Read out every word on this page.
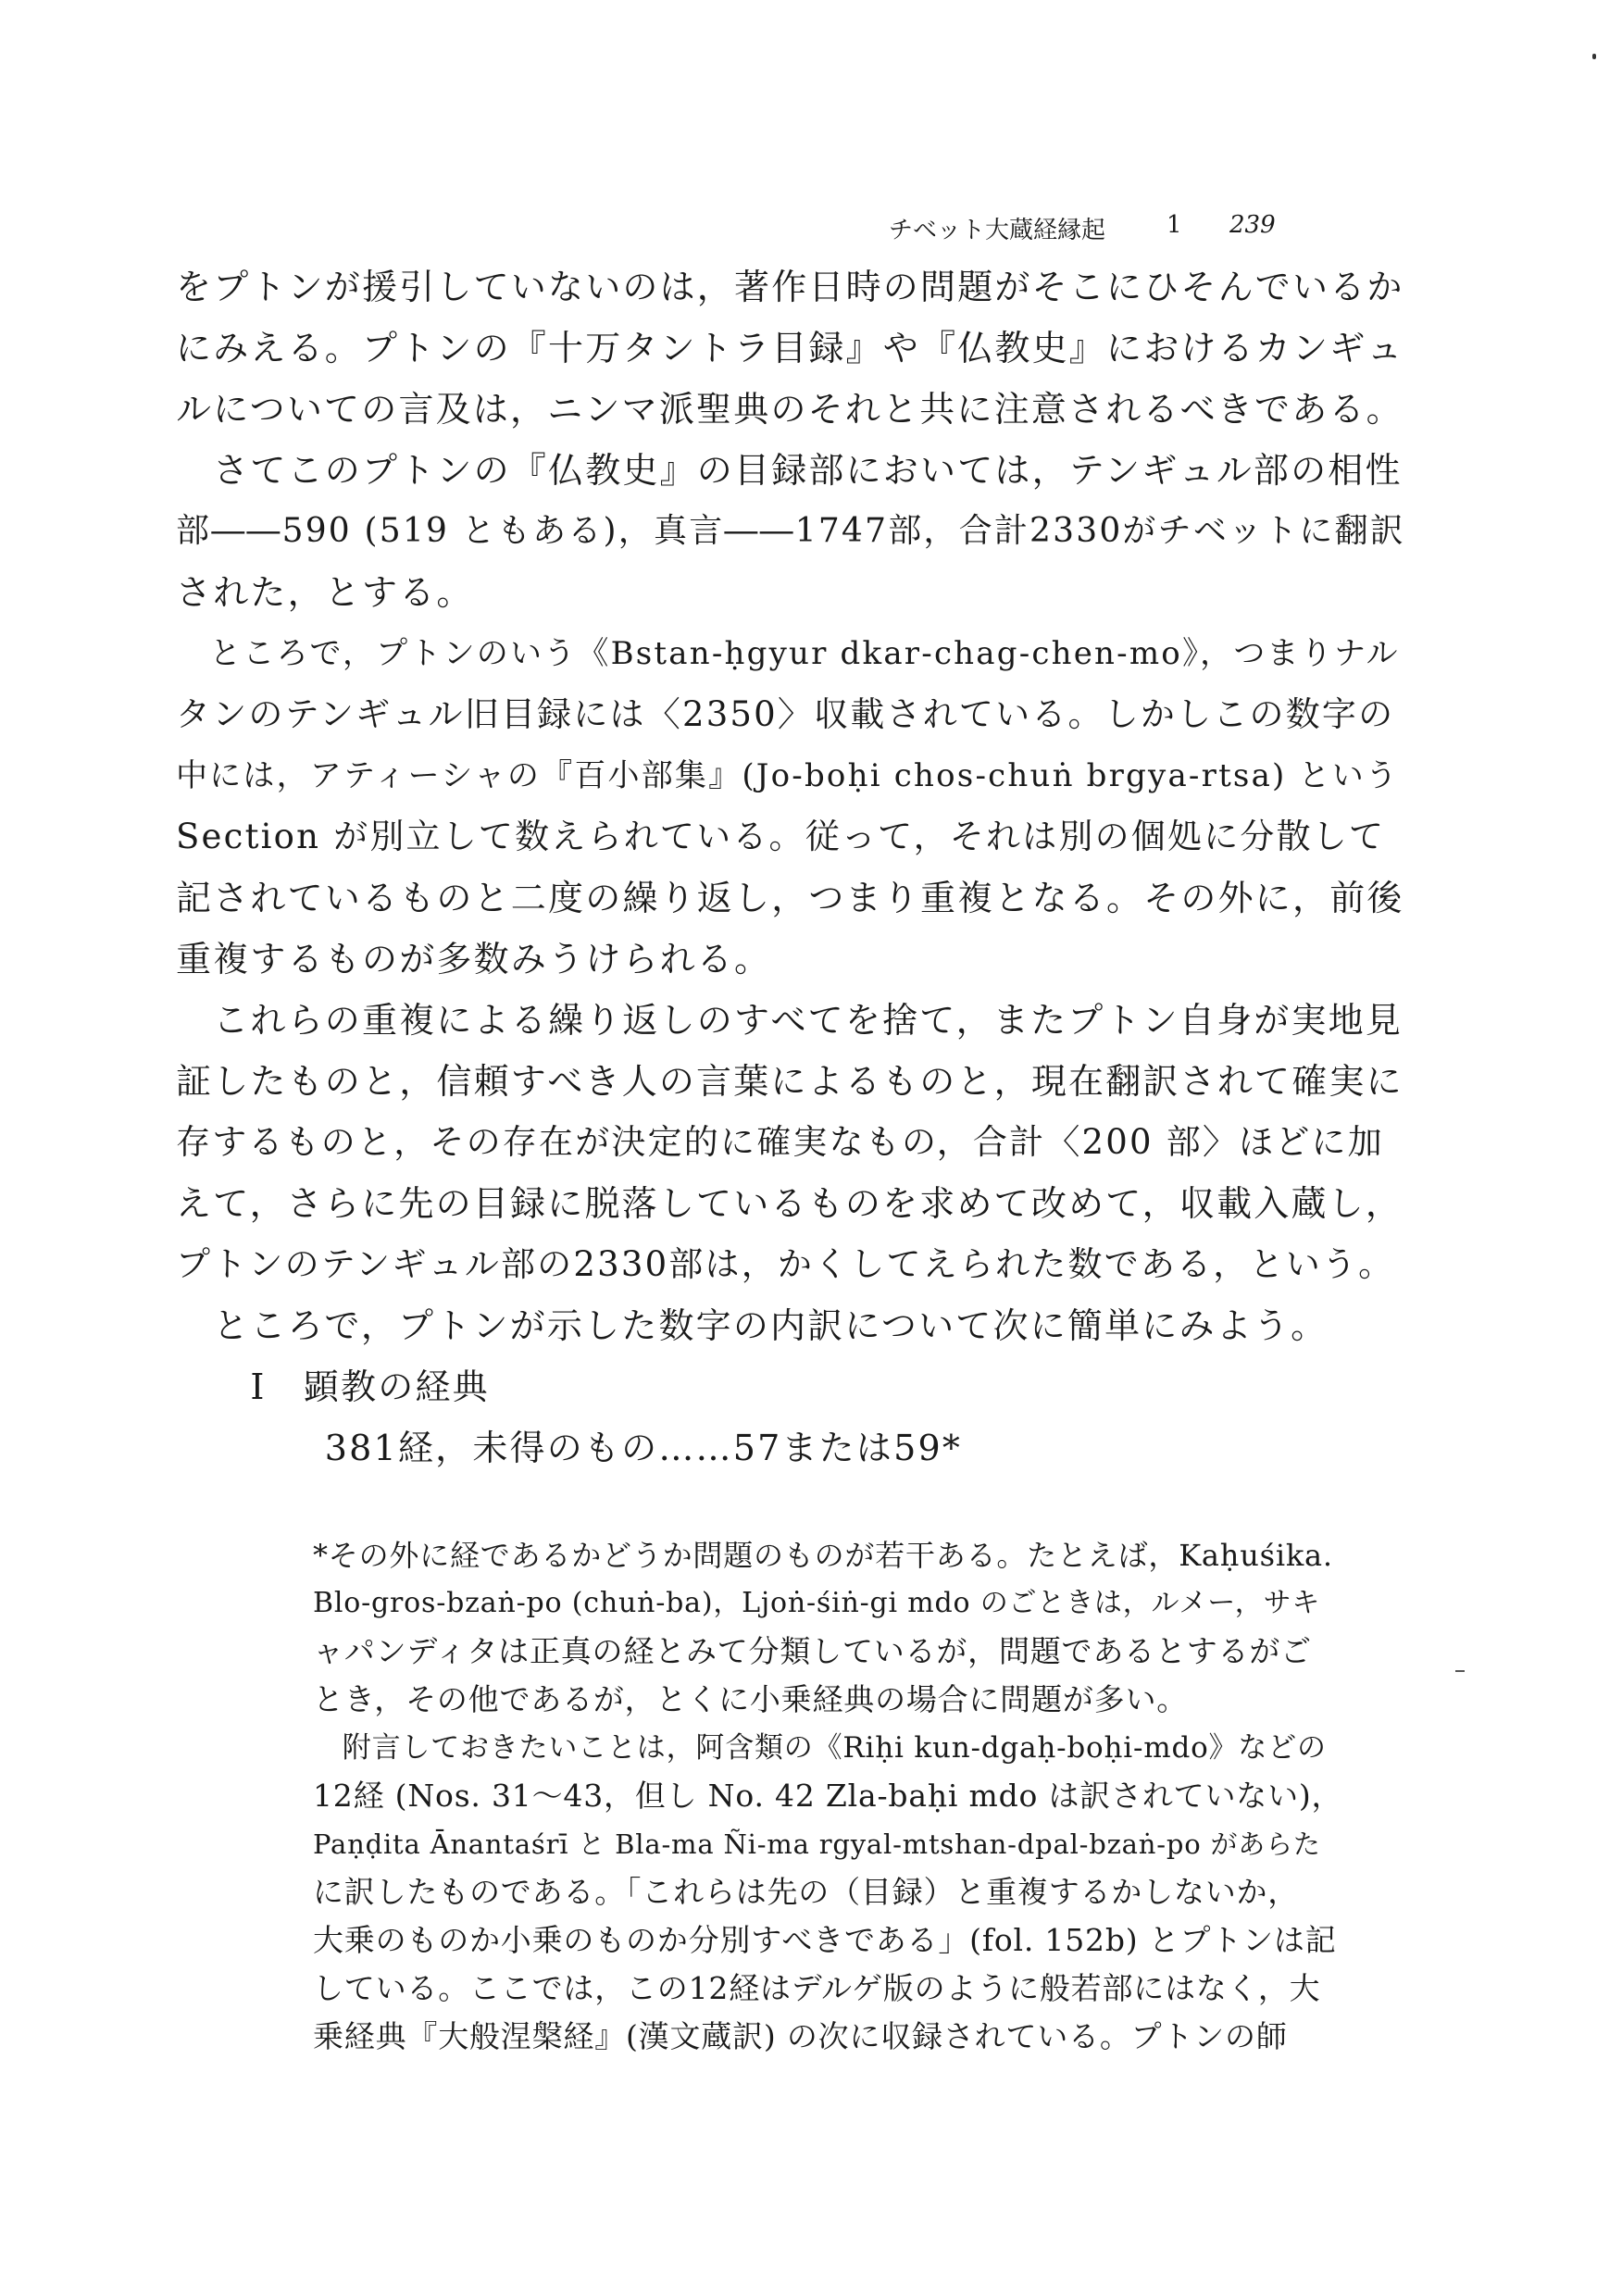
チベット大蔵経縁起	1 239
をプトンが援引していないのは，著作日時の問題がそこにひそんでいるか
にみえる。プトンの『十万タントラ目録』や『仏教史』におけるカンギュ
ルについての言及は，ニンマ派聖典のそれと共に注意されるべきである。
　さてこのプトンの『仏教史』の目録部においては，テンギュル部の相性
部――590 (519 ともある)，真言――1747部，合計2330がチベットに翻訳
された，とする。
　ところで，プトンのいう《Bstan-ḥgyur dkar-chag-chen-mo》，つまりナル
タンのテンギュル旧目録には〈2350〉収載されている。しかしこの数字の
中には，アティーシャの『百小部集』(Jo-boḥi chos-chuṅ brgya-rtsa) という
Section が別立して数えられている。従って，それは別の個処に分散して
記されているものと二度の繰り返し，つまり重複となる。その外に，前後
重複するものが多数みうけられる。
　これらの重複による繰り返しのすべてを捨て，またプトン自身が実地見
証したものと，信頼すべき人の言葉によるものと，現在翻訳されて確実に
存するものと，その存在が決定的に確実なもの，合計〈200 部〉ほどに加
えて，さらに先の目録に脱落しているものを求めて改めて，収載入蔵し，
プトンのテンギュル部の2330部は，かくしてえられた数である，という。
　ところで，プトンが示した数字の内訳について次に簡単にみよう。
　　Ⅰ　顕教の経典
　　　　381経，未得のもの……57または59*
*その外に経であるかどうか問題のものが若干ある。たとえば，Kaḥuśika.
Blo-gros-bzaṅ-po (chuṅ-ba)，Ljoṅ-śiṅ-gi mdo のごときは，ルメー，サキ
ャパンディタは正真の経とみて分類しているが，問題であるとするがご
とき，その他であるが，とくに小乗経典の場合に問題が多い。
　附言しておきたいことは，阿含類の《Riḥi kun-dgaḥ-boḥi-mdo》などの
12経 (Nos. 31～43，但し No. 42 Zla-baḥi mdo は訳されていない)，
Paṇḍita Ānantaśrī と Bla-ma Ñi-ma rgyal-mtshan-dpal-bzaṅ-po があらた
に訳したものである。「これらは先の（目録）と重複するかしないか，
大乗のものか小乗のものか分別すべきである」(fol. 152b) とプトンは記
している。ここでは，この12経はデルゲ版のように般若部にはなく，大
乗経典『大般涅槃経』(漢文蔵訳) の次に収録されている。プトンの師
